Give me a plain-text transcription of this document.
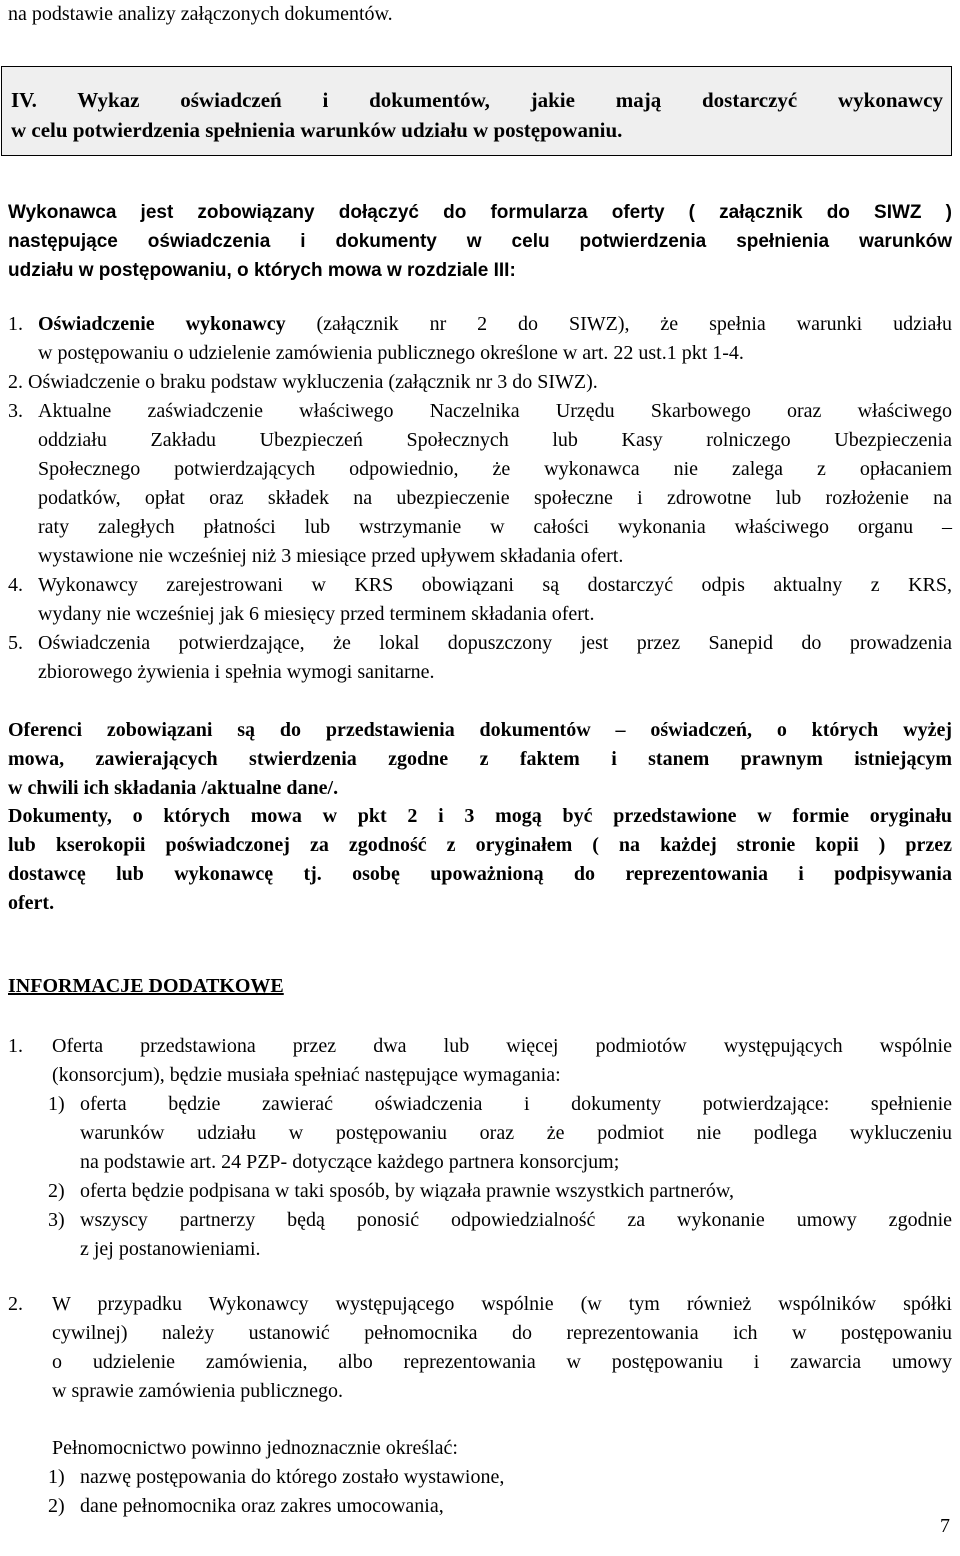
na podstawie analizy załączonych dokumentów.
IV. Wykaz oświadczeń i dokumentów, jakie mają dostarczyć wykonawcy
w celu potwierdzenia spełnienia warunków udziału w postępowaniu.
Wykonawca jest zobowiązany dołączyć do formularza oferty ( załącznik do SIWZ )
następujące oświadczenia i dokumenty w celu potwierdzenia spełnienia warunków
udziału w postępowaniu, o których mowa w rozdziale III:
1. Oświadczenie wykonawcy (załącznik nr 2 do SIWZ), że spełnia warunki udziału
w postępowaniu o udzielenie zamówienia publicznego określone w art. 22 ust.1 pkt 1-4.
2. Oświadczenie o braku podstaw wykluczenia (załącznik nr 3 do SIWZ).
3. Aktualne zaświadczenie właściwego Naczelnika Urzędu Skarbowego oraz właściwego
oddziału Zakładu Ubezpieczeń Społecznych lub Kasy rolniczego Ubezpieczenia
Społecznego potwierdzających odpowiednio, że wykonawca nie zalega z opłacaniem
podatków, opłat oraz składek na ubezpieczenie społeczne i zdrowotne lub rozłożenie na
raty zaległych płatności lub wstrzymanie w całości wykonania właściwego organu –
wystawione nie wcześniej niż 3 miesiące przed upływem składania ofert.
4. Wykonawcy zarejestrowani w KRS obowiązani są dostarczyć odpis aktualny z KRS,
wydany nie wcześniej jak 6 miesięcy przed terminem składania ofert.
5. Oświadczenia potwierdzające, że lokal dopuszczony jest przez Sanepid do prowadzenia
zbiorowego żywienia i spełnia wymogi sanitarne.
Oferenci zobowiązani są do przedstawienia dokumentów – oświadczeń, o których wyżej
mowa, zawierających stwierdzenia zgodne z faktem i stanem prawnym istniejącym
w chwili ich składania /aktualne dane/.
Dokumenty, o których mowa w pkt 2 i 3 mogą być przedstawione w formie oryginału
lub kserokopii poświadczonej za zgodność z oryginałem ( na każdej stronie kopii ) przez
dostawcę lub wykonawcę tj. osobę upoważnioną do reprezentowania i podpisywania
ofert.
INFORMACJE DODATKOWE
1.	Oferta przedstawiona przez dwa lub więcej podmiotów występujących wspólnie
(konsorcjum), będzie musiała spełniać następujące wymagania:
1) oferta będzie zawierać oświadczenia i dokumenty potwierdzające: spełnienie
warunków udziału w postępowaniu oraz że podmiot nie podlega wykluczeniu
na podstawie art. 24 PZP- dotyczące każdego partnera konsorcjum;
2) oferta będzie podpisana w taki sposób, by wiązała prawnie wszystkich partnerów,
3) wszyscy partnerzy będą ponosić odpowiedzialność za wykonanie umowy zgodnie
z jej postanowieniami.
2.	W przypadku Wykonawcy występującego wspólnie (w tym również wspólników spółki
cywilnej) należy ustanowić pełnomocnika do reprezentowania ich w postępowaniu
o udzielenie zamówienia, albo reprezentowania w postępowaniu i zawarcia umowy
w sprawie zamówienia publicznego.
Pełnomocnictwo powinno jednoznacznie określać:
1) nazwę postępowania do którego zostało wystawione,
2) dane pełnomocnika oraz zakres umocowania,
7
